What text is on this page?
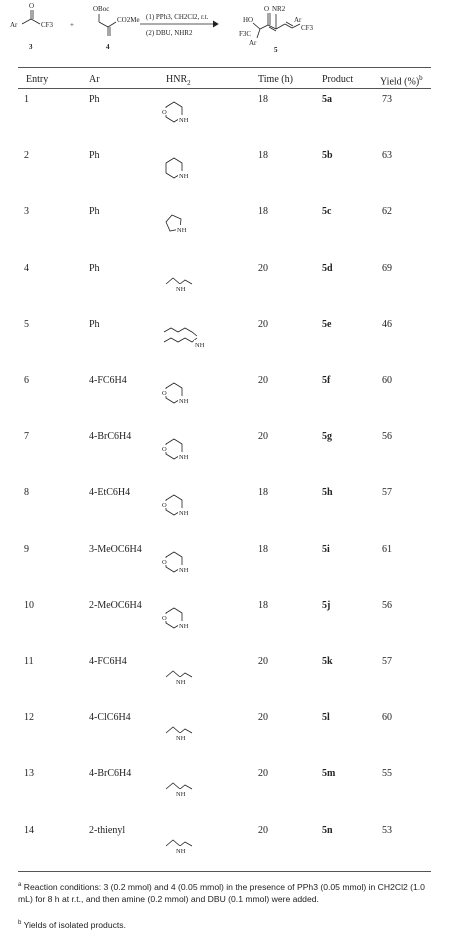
Ar
O
CF3
3
+
OBoc
CO2Me
4
(1) PPh3, CH2Cl2, r.t.
(2) DBU, NHR2
HO
O NR2
F3C
Ar
Ar
CF3
5
Entry	Ar	$HNR_2$	Time (h)	Product	Yield (%)$^b$
1	Ph	18	5a	73
O
NH
2	Ph	18	5b	63
NH
3	Ph	18	5c	62
NH
4	Ph	20	5d	69
NH
5	Ph	20	5e	46
NH
6	4-FC6H4	20	5f	60
O
NH
7	4-BrC6H4	20	5g	56
O
NH
8	4-EtC6H4	18	5h	57
O
NH
9	3-MeOC6H4	18	5i	61
O
NH
10	2-MeOC6H4	18	5j	56
O
NH
11	4-FC6H4	20	5k	57
NH
12	4-ClC6H4	20	5l	60
NH
13	4-BrC6H4	20	5m	55
NH
14	2-thienyl	20	5n	53
NH
$^a$ Reaction conditions: 3 (0.2 mmol) and 4 (0.05 mmol) in the presence of PPh3 (0.05 mmol) in CH2Cl2 (1.0 mL) for 8 h at r.t., and then amine (0.2 mmol) and DBU (0.1 mmol) were added.
$^b$ Yields of isolated products.
